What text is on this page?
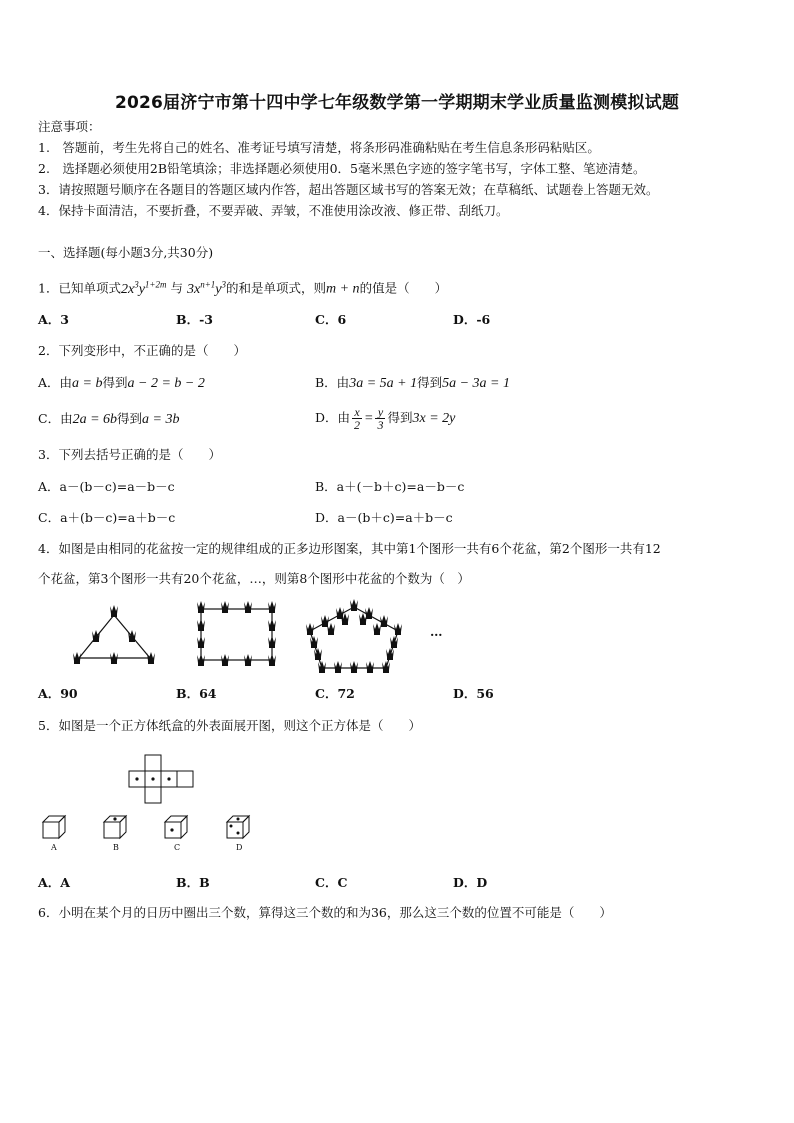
2026届济宁市第十四中学七年级数学第一学期期末学业质量监测模拟试题
注意事项：
1.　答题前，考生先将自己的姓名、准考证号填写清楚，将条形码准确粘贴在考生信息条形码粘贴区。
2.　选择题必须使用2B铅笔填涂；非选择题必须使用0．5毫米黑色字迹的签字笔书写，字体工整、笔迹清楚。
3．请按照题号顺序在各题目的答题区域内作答，超出答题区域书写的答案无效；在草稿纸、试题卷上答题无效。
4．保持卡面清洁，不要折叠，不要弄破、弄皱，不准使用涂改液、修正带、刮纸刀。
一、选择题(每小题3分,共30分)
1．已知单项式$2x^3y^{1+2m}$ 与 $3x^{n+1}y^3$的和是单项式，则m + n的值是（　　）
A．3	B．-3	C．6	D．-6
2．下列变形中，不正确的是（　　）
A．由a = b得到a − 2 = b − 2	B．由3a = 5a + 1得到5a − 3a = 1
C．由2a = 6b得到a = 3b	D．由 $\frac{x}{2} = \frac{y}{3}$ 得到3x = 2y
3．下列去括号正确的是（　　）
A．a－(b－c)=a－b－c	B．a＋(－b＋c)=a－b－c
C．a＋(b－c)=a＋b－c	D．a－(b＋c)=a＋b－c
4．如图是由相同的花盆按一定的规律组成的正多边形图案，其中第1个图形一共有6个花盆，第2个图形一共有12
个花盆，第3个图形一共有20个花盆，…，则第8个图形中花盆的个数为（　）
…
A．90	B．64	C．72	D．56
5．如图是一个正方体纸盒的外表面展开图，则这个正方体是（　　）
A	B	C	D
A．A	B．B	C．C	D．D
6．小明在某个月的日历中圈出三个数，算得这三个数的和为36，那么这三个数的位置不可能是（　　）
